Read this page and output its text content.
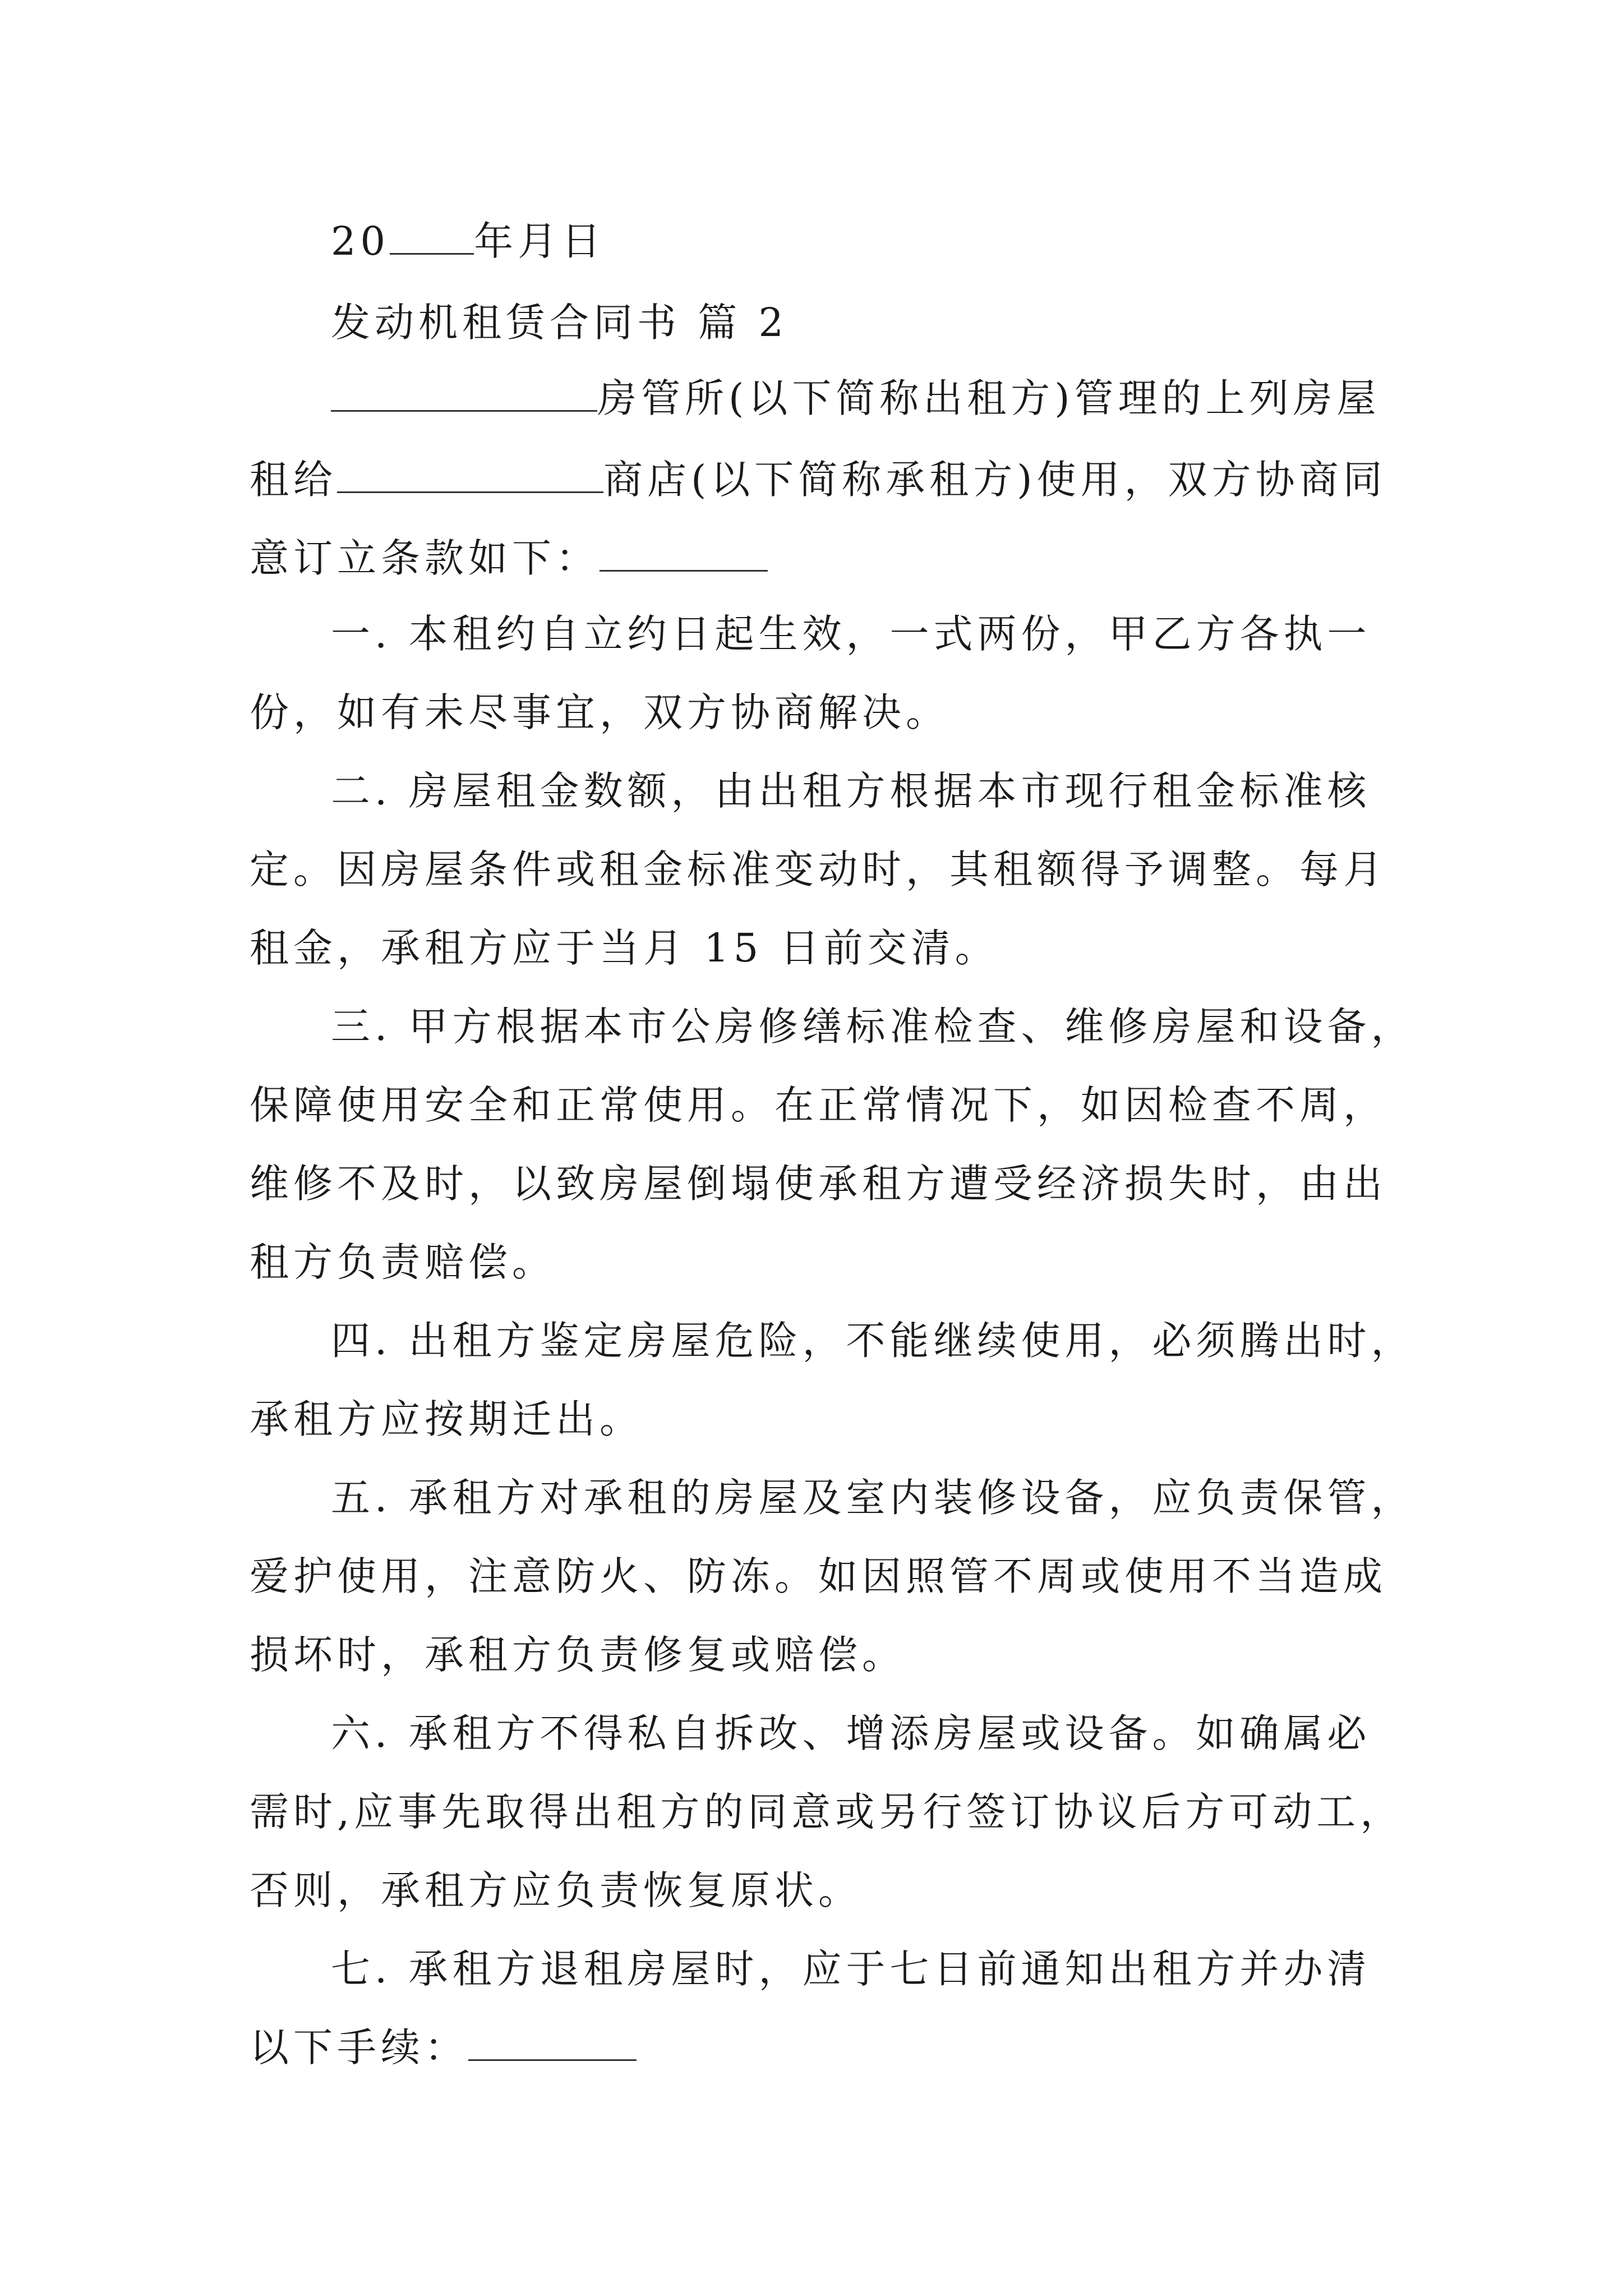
20 年月日
发动机租赁合同书 篇 2
房管所(以下简称出租方)管理的上列房屋
租给	商店(以下简称承租方)使用，双方协商同
意订立条款如下：
一. 本租约自立约日起生效，一式两份，甲乙方各执一
份，如有未尽事宜，双方协商解决。
二. 房屋租金数额，由出租方根据本市现行租金标准核
定。因房屋条件或租金标准变动时，其租额得予调整。每月
租金，承租方应于当月 15 日前交清。
三. 甲方根据本市公房修缮标准检查、维修房屋和设备，
保障使用安全和正常使用。在正常情况下，如因检查不周，
维修不及时，以致房屋倒塌使承租方遭受经济损失时，由出
租方负责赔偿。
四. 出租方鉴定房屋危险，不能继续使用，必须腾出时，
承租方应按期迁出。
五. 承租方对承租的房屋及室内装修设备，应负责保管，
爱护使用，注意防火、防冻。如因照管不周或使用不当造成
损坏时，承租方负责修复或赔偿。
六. 承租方不得私自拆改、增添房屋或设备。如确属必
需时,应事先取得出租方的同意或另行签订协议后方可动工，
否则，承租方应负责恢复原状。
七. 承租方退租房屋时，应于七日前通知出租方并办清
以下手续：
